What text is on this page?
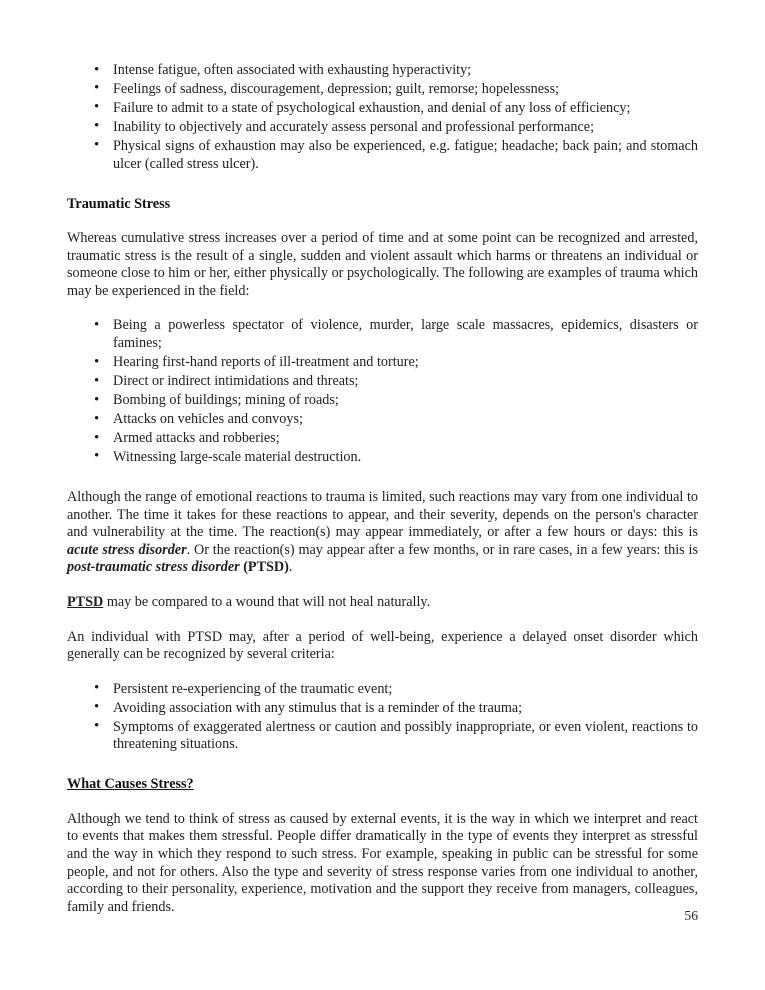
• Intense fatigue, often associated with exhausting hyperactivity;
• Feelings of sadness, discouragement, depression; guilt, remorse; hopelessness;
• Failure to admit to a state of psychological exhaustion, and denial of any loss of efficiency;
• Inability to objectively and accurately assess personal and professional performance;
• Physical signs of exhaustion may also be experienced, e.g. fatigue; headache; back pain; and stomach ulcer (called stress ulcer).
Traumatic Stress

Whereas cumulative stress increases over a period of time and at some point can be recognized and arrested, traumatic stress is the result of a single, sudden and violent assault which harms or threatens an individual or someone close to him or her, either physically or psychologically. The following are examples of trauma which may be experienced in the field:

• Being a powerless spectator of violence, murder, large scale massacres, epidemics, disasters or famines;
• Hearing first-hand reports of ill-treatment and torture;
• Direct or indirect intimidations and threats;
• Bombing of buildings; mining of roads;
• Attacks on vehicles and convoys;
• Armed attacks and robberies;
• Witnessing large-scale material destruction.

Although the range of emotional reactions to trauma is limited, such reactions may vary from one individual to another. The time it takes for these reactions to appear, and their severity, depends on the person's character and vulnerability at the time. The reaction(s) may appear immediately, or after a few hours or days: this is acute stress disorder. Or the reaction(s) may appear after a few months, or in rare cases, in a few years: this is post-traumatic stress disorder (PTSD).

PTSD may be compared to a wound that will not heal naturally.

An individual with PTSD may, after a period of well-being, experience a delayed onset disorder which generally can be recognized by several criteria:

• Persistent re-experiencing of the traumatic event;
• Avoiding association with any stimulus that is a reminder of the trauma;
• Symptoms of exaggerated alertness or caution and possibly inappropriate, or even violent, reactions to threatening situations.
What Causes Stress?

Although we tend to think of stress as caused by external events, it is the way in which we interpret and react to events that makes them stressful. People differ dramatically in the type of events they interpret as stressful and the way in which they respond to such stress. For example, speaking in public can be stressful for some people, and not for others. Also the type and severity of stress response varies from one individual to another, according to their personality, experience, motivation and the support they receive from managers, colleagues, family and friends.

56
